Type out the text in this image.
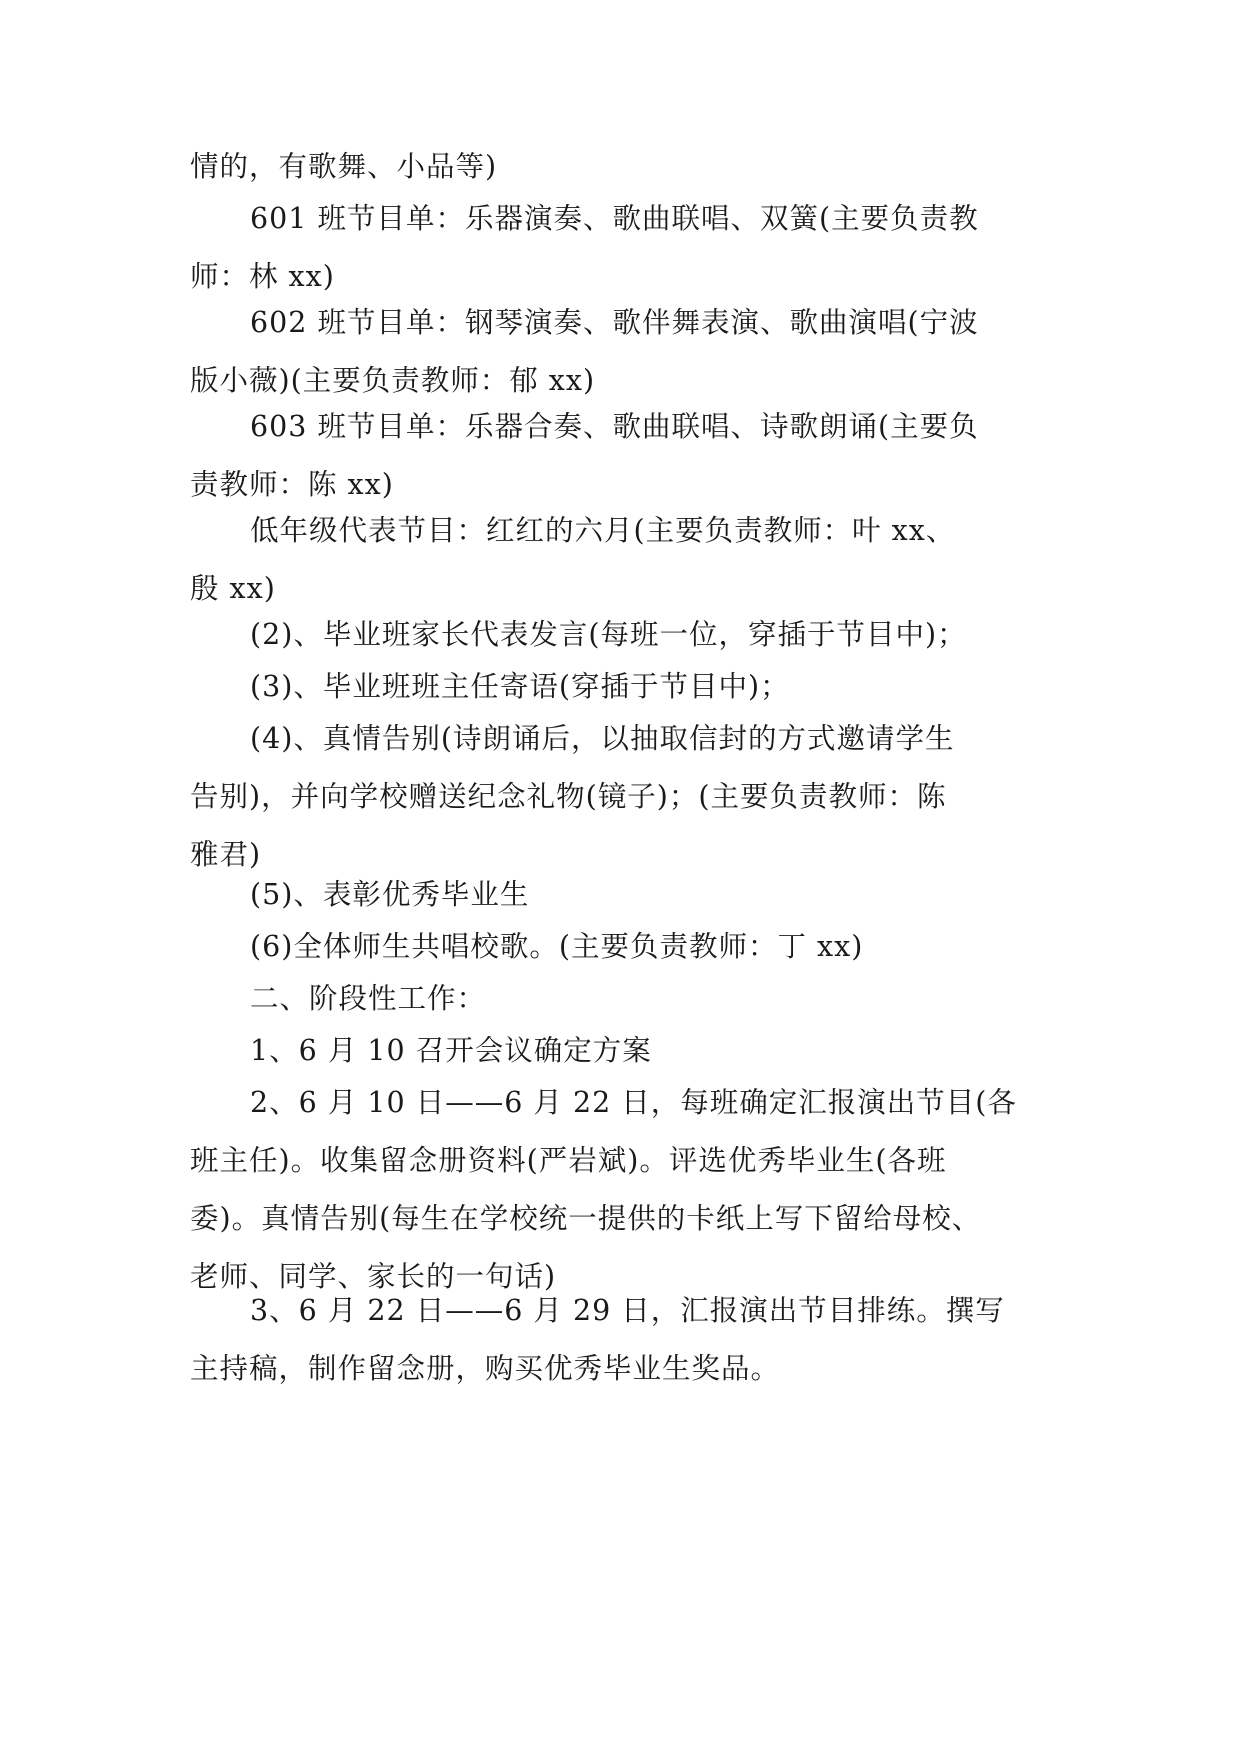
情的，有歌舞、小品等)

601 班节目单：乐器演奏、歌曲联唱、双簧(主要负责教
师：林 xx)

602 班节目单：钢琴演奏、歌伴舞表演、歌曲演唱(宁波
版小薇)(主要负责教师：郁 xx)

603 班节目单：乐器合奏、歌曲联唱、诗歌朗诵(主要负
责教师：陈 xx)

低年级代表节目：红红的六月(主要负责教师：叶 xx、
殷 xx)

(2)、毕业班家长代表发言(每班一位，穿插于节目中)；

(3)、毕业班班主任寄语(穿插于节目中)；

(4)、真情告别(诗朗诵后，以抽取信封的方式邀请学生
告别)，并向学校赠送纪念礼物(镜子)；(主要负责教师：陈
雅君)

(5)、表彰优秀毕业生

(6)全体师生共唱校歌。(主要负责教师：丁 xx)

二、阶段性工作：

1、6 月 10 召开会议确定方案

2、6 月 10 日——6 月 22 日，每班确定汇报演出节目(各
班主任)。收集留念册资料(严岩斌)。评选优秀毕业生(各班
委)。真情告别(每生在学校统一提供的卡纸上写下留给母校、
老师、同学、家长的一句话)

3、6 月 22 日——6 月 29 日，汇报演出节目排练。撰写
主持稿，制作留念册，购买优秀毕业生奖品。
